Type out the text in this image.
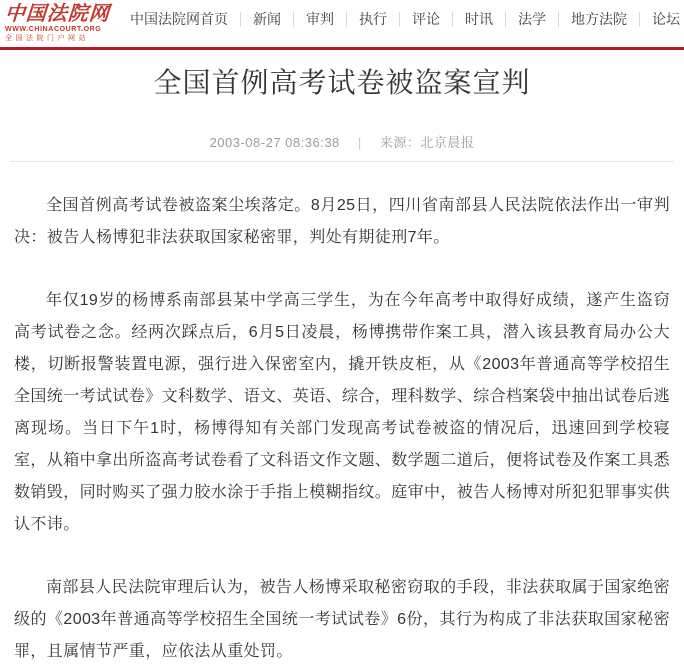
中国法院网
WWW.CHINACOURT.ORG
全国法院门户网站
中国法院网首页	新闻	审判	执行	评论	时讯	法学	地方法院	论坛
全国首例高考试卷被盗案宣判
2003-08-27 08:36:38 | 来源：北京晨报

全国首例高考试卷被盗案尘埃落定。8月25日，四川省南部县人民法院依法作出一审判决：被告人杨博犯非法获取国家秘密罪，判处有期徒刑7年。

年仅19岁的杨博系南部县某中学高三学生，为在今年高考中取得好成绩，遂产生盗窃高考试卷之念。经两次踩点后，6月5日凌晨，杨博携带作案工具，潜入该县教育局办公大楼，切断报警装置电源，强行进入保密室内，撬开铁皮柜，从《2003年普通高等学校招生全国统一考试试卷》文科数学、语文、英语、综合，理科数学、综合档案袋中抽出试卷后逃离现场。当日下午1时，杨博得知有关部门发现高考试卷被盗的情况后，迅速回到学校寝室，从箱中拿出所盗高考试卷看了文科语文作文题、数学题二道后，便将试卷及作案工具悉数销毁，同时购买了强力胶水涂于手指上模糊指纹。庭审中，被告人杨博对所犯犯罪事实供认不讳。

南部县人民法院审理后认为，被告人杨博采取秘密窃取的手段，非法获取属于国家绝密级的《2003年普通高等学校招生全国统一考试试卷》6份，其行为构成了非法获取国家秘密罪，且属情节严重，应依法从重处罚。
